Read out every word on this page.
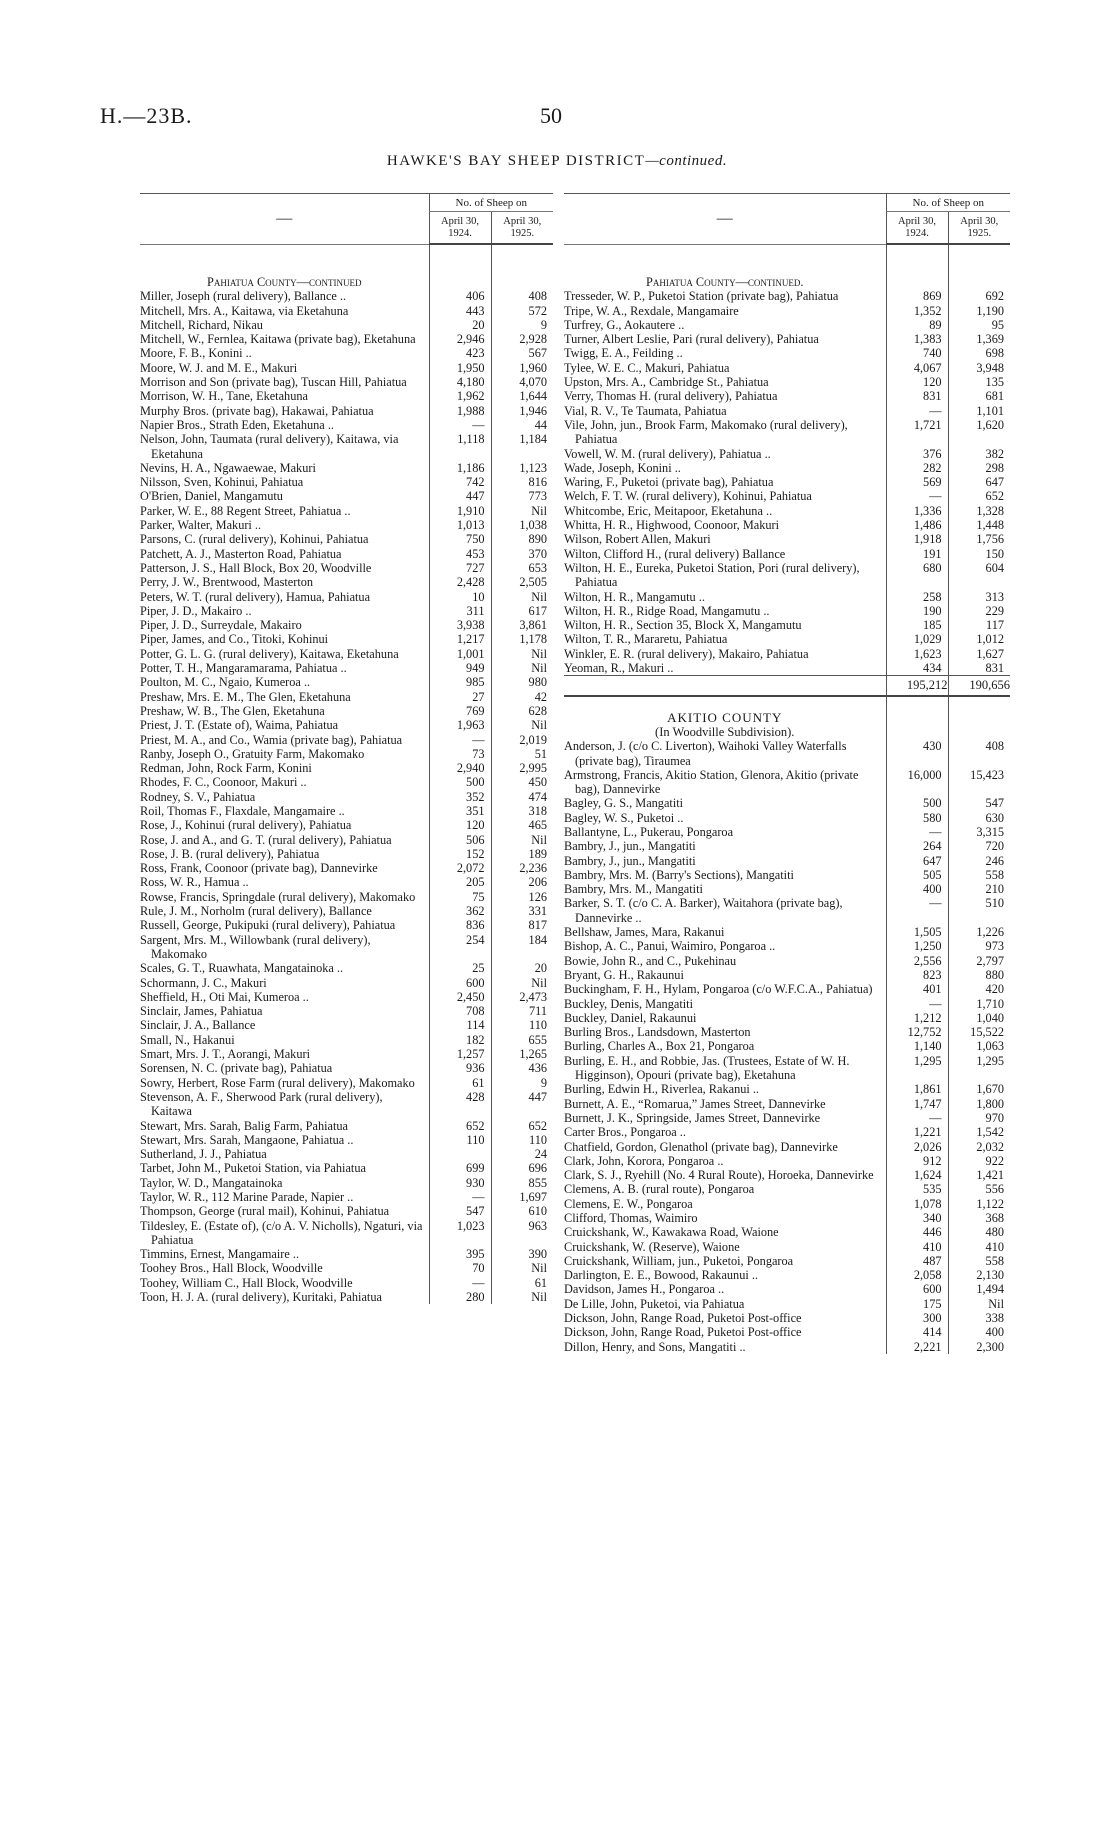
H.—23B.	50
HAWKE'S BAY SHEEP DISTRICT—continued.
—	No. of Sheep on	
	April 30, 1924.	April 30, 1925.

Pahiatua County—continued		
Miller, Joseph (rural delivery), Ballance ..	406	408
Mitchell, Mrs. A., Kaitawa, via Eketahuna	443	572
Mitchell, Richard, Nikau	20	9
Mitchell, W., Fernlea, Kaitawa (private bag), Eketahuna	2,946	2,928
Moore, F. B., Konini ..	423	567
Moore, W. J. and M. E., Makuri	1,950	1,960
Morrison and Son (private bag), Tuscan Hill, Pahiatua	4,180	4,070
Morrison, W. H., Tane, Eketahuna	1,962	1,644
Murphy Bros. (private bag), Hakawai, Pahiatua	1,988	1,946
Napier Bros., Strath Eden, Eketahuna ..	—	44
Nelson, John, Taumata (rural delivery), Kaitawa, via Eketahuna	1,118	1,184
Nevins, H. A., Ngawaewae, Makuri	1,186	1,123
Nilsson, Sven, Kohinui, Pahiatua	742	816
O'Brien, Daniel, Mangamutu	447	773
Parker, W. E., 88 Regent Street, Pahiatua ..	1,910	Nil
Parker, Walter, Makuri ..	1,013	1,038
Parsons, C. (rural delivery), Kohinui, Pahiatua	750	890
Patchett, A. J., Masterton Road, Pahiatua	453	370
Patterson, J. S., Hall Block, Box 20, Woodville	727	653
Perry, J. W., Brentwood, Masterton	2,428	2,505
Peters, W. T. (rural delivery), Hamua, Pahiatua	10	Nil
Piper, J. D., Makairo ..	311	617
Piper, J. D., Surreydale, Makairo	3,938	3,861
Piper, James, and Co., Titoki, Kohinui	1,217	1,178
Potter, G. L. G. (rural delivery), Kaitawa, Eketahuna	1,001	Nil
Potter, T. H., Mangaramarama, Pahiatua ..	949	Nil
Poulton, M. C., Ngaio, Kumeroa ..	985	980
Preshaw, Mrs. E. M., The Glen, Eketahuna	27	42
Preshaw, W. B., The Glen, Eketahuna	769	628
Priest, J. T. (Estate of), Waima, Pahiatua	1,963	Nil
Priest, M. A., and Co., Wamia (private bag), Pahiatua	—	2,019
Ranby, Joseph O., Gratuity Farm, Makomako	73	51
Redman, John, Rock Farm, Konini	2,940	2,995
Rhodes, F. C., Coonoor, Makuri ..	500	450
Rodney, S. V., Pahiatua	352	474
Roil, Thomas F., Flaxdale, Mangamaire ..	351	318
Rose, J., Kohinui (rural delivery), Pahiatua	120	465
Rose, J. and A., and G. T. (rural delivery), Pahiatua	506	Nil
Rose, J. B. (rural delivery), Pahiatua	152	189
Ross, Frank, Coonoor (private bag), Dannevirke	2,072	2,236
Ross, W. R., Hamua ..	205	206
Rowse, Francis, Springdale (rural delivery), Makomako	75	126
Rule, J. M., Norholm (rural delivery), Ballance	362	331
Russell, George, Pukipuki (rural delivery), Pahiatua	836	817
Sargent, Mrs. M., Willowbank (rural delivery), Makomako	254	184
Scales, G. T., Ruawhata, Mangatainoka ..	25	20
Schormann, J. C., Makuri	600	Nil
Sheffield, H., Oti Mai, Kumeroa ..	2,450	2,473
Sinclair, James, Pahiatua	708	711
Sinclair, J. A., Ballance	114	110
Small, N., Hakanui	182	655
Smart, Mrs. J. T., Aorangi, Makuri	1,257	1,265
Sorensen, N. C. (private bag), Pahiatua	936	436
Sowry, Herbert, Rose Farm (rural delivery), Makomako	61	9
Stevenson, A. F., Sherwood Park (rural delivery), Kaitawa	428	447
Stewart, Mrs. Sarah, Balig Farm, Pahiatua	652	652
Stewart, Mrs. Sarah, Mangaone, Pahiatua ..	110	110
Sutherland, J. J., Pahiatua		24
Tarbet, John M., Puketoi Station, via Pahiatua	699	696
Taylor, W. D., Mangatainoka	930	855
Taylor, W. R., 112 Marine Parade, Napier ..	—	1,697
Thompson, George (rural mail), Kohinui, Pahiatua	547	610
Tildesley, E. (Estate of), (c/o A. V. Nicholls), Ngaturi, via Pahiatua	1,023	963
Timmins, Ernest, Mangamaire ..	395	390
Toohey Bros., Hall Block, Woodville	70	Nil
Toohey, William C., Hall Block, Woodville	—	61
Toon, H. J. A. (rural delivery), Kuritaki, Pahiatua	280	Nil
—	No. of Sheep on	
	April 30, 1924.	April 30, 1925.

Pahiatua County—continued.		
Tresseder, W. P., Puketoi Station (private bag), Pahiatua	869	692
Tripe, W. A., Rexdale, Mangamaire	1,352	1,190
Turfrey, G., Aokautere ..	89	95
Turner, Albert Leslie, Pari (rural delivery), Pahiatua	1,383	1,369
Twigg, E. A., Feilding ..	740	698
Tylee, W. E. C., Makuri, Pahiatua	4,067	3,948
Upston, Mrs. A., Cambridge St., Pahiatua	120	135
Verry, Thomas H. (rural delivery), Pahiatua	831	681
Vial, R. V., Te Taumata, Pahiatua	—	1,101
Vile, John, jun., Brook Farm, Makomako (rural delivery), Pahiatua	1,721	1,620
Vowell, W. M. (rural delivery), Pahiatua ..	376	382
Wade, Joseph, Konini ..	282	298
Waring, F., Puketoi (private bag), Pahiatua	569	647
Welch, F. T. W. (rural delivery), Kohinui, Pahiatua	—	652
Whitcombe, Eric, Meitapoor, Eketahuna ..	1,336	1,328
Whitta, H. R., Highwood, Coonoor, Makuri	1,486	1,448
Wilson, Robert Allen, Makuri	1,918	1,756
Wilton, Clifford H., (rural delivery) Ballance	191	150
Wilton, H. E., Eureka, Puketoi Station, Pori (rural delivery), Pahiatua	680	604
Wilton, H. R., Mangamutu ..	258	313
Wilton, H. R., Ridge Road, Mangamutu ..	190	229
Wilton, H. R., Section 35, Block X, Mangamutu	185	117
Wilton, T. R., Mararetu, Pahiatua	1,029	1,012
Winkler, E. R. (rural delivery), Makairo, Pahiatua	1,623	1,627
Yeoman, R., Makuri ..	434	831
	195,212	190,656

AKITIO COUNTY		
(In Woodville Subdivision).		
Anderson, J. (c/o C. Liverton), Waihoki Valley Waterfalls (private bag), Tiraumea	430	408
Armstrong, Francis, Akitio Station, Glenora, Akitio (private bag), Dannevirke	16,000	15,423
Bagley, G. S., Mangatiti	500	547
Bagley, W. S., Puketoi ..	580	630
Ballantyne, L., Pukerau, Pongaroa	—	3,315
Bambry, J., jun., Mangatiti	264	720
Bambry, J., jun., Mangatiti	647	246
Bambry, Mrs. M. (Barry's Sections), Mangatiti	505	558
Bambry, Mrs. M., Mangatiti	400	210
Barker, S. T. (c/o C. A. Barker), Waitahora (private bag), Dannevirke ..	—	510
Bellshaw, James, Mara, Rakanui	1,505	1,226
Bishop, A. C., Panui, Waimiro, Pongaroa ..	1,250	973
Bowie, John R., and C., Pukehinau	2,556	2,797
Bryant, G. H., Rakaunui	823	880
Buckingham, F. H., Hylam, Pongaroa (c/o W.F.C.A., Pahiatua)	401	420
Buckley, Denis, Mangatiti	—	1,710
Buckley, Daniel, Rakaunui	1,212	1,040
Burling Bros., Landsdown, Masterton	12,752	15,522
Burling, Charles A., Box 21, Pongaroa	1,140	1,063
Burling, E. H., and Robbie, Jas. (Trustees, Estate of W. H. Higginson), Opouri (private bag), Eketahuna	1,295	1,295
Burling, Edwin H., Riverlea, Rakanui ..	1,861	1,670
Burnett, A. E., “Romarua,” James Street, Dannevirke	1,747	1,800
Burnett, J. K., Springside, James Street, Dannevirke	—	970
Carter Bros., Pongaroa ..	1,221	1,542
Chatfield, Gordon, Glenathol (private bag), Dannevirke	2,026	2,032
Clark, John, Korora, Pongaroa ..	912	922
Clark, S. J., Ryehill (No. 4 Rural Route), Horoeka, Dannevirke	1,624	1,421
Clemens, A. B. (rural route), Pongaroa	535	556
Clemens, E. W., Pongaroa	1,078	1,122
Clifford, Thomas, Waimiro	340	368
Cruickshank, W., Kawakawa Road, Waione	446	480
Cruickshank, W. (Reserve), Waione	410	410
Cruickshank, William, jun., Puketoi, Pongaroa	487	558
Darlington, E. E., Bowood, Rakaunui ..	2,058	2,130
Davidson, James H., Pongaroa ..	600	1,494
De Lille, John, Puketoi, via Pahiatua	175	Nil
Dickson, John, Range Road, Puketoi Post-office	300	338
Dickson, John, Range Road, Puketoi Post-office	414	400
Dillon, Henry, and Sons, Mangatiti ..	2,221	2,300
